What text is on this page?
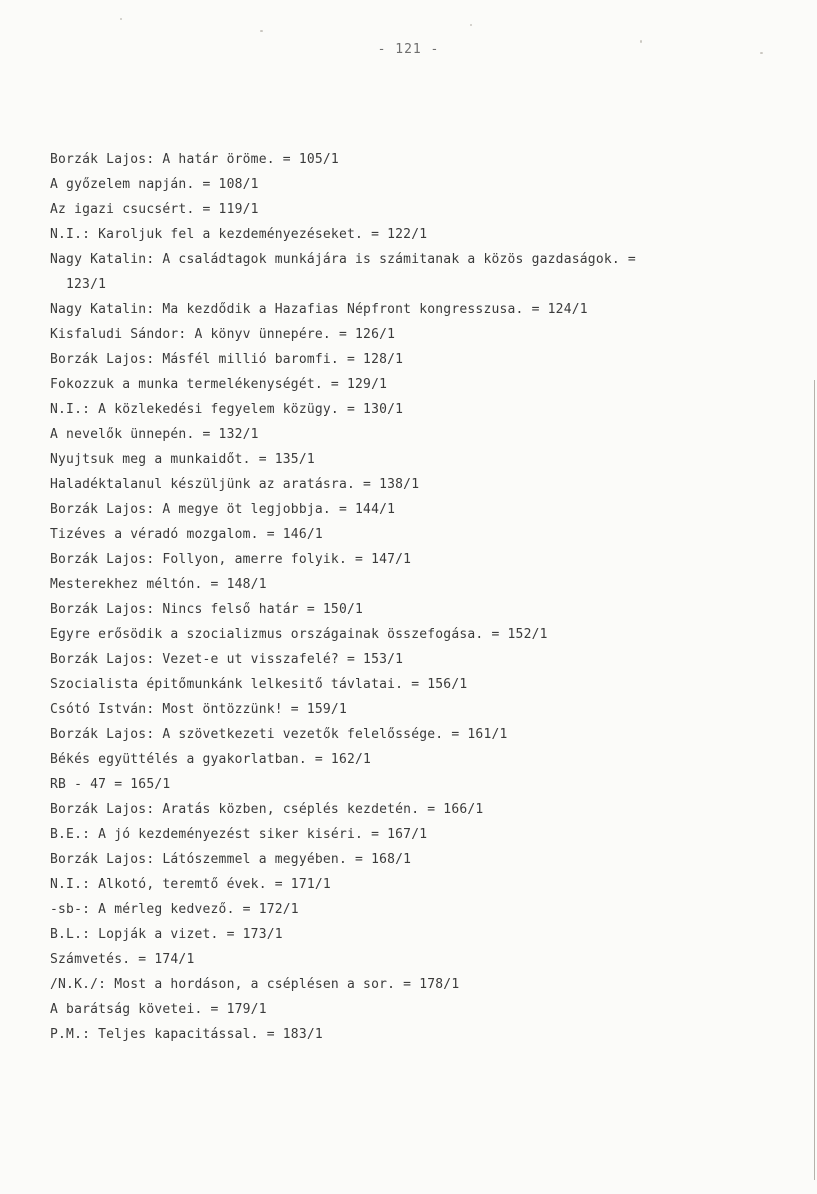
- 121 -
Borzák Lajos: A határ öröme. = 105/1
A győzelem napján. = 108/1
Az igazi csucsért. = 119/1
N.I.: Karoljuk fel a kezdeményezéseket. = 122/1
Nagy Katalin: A családtagok munkájára is számitanak a közös gazdaságok. =
123/1
Nagy Katalin: Ma kezdődik a Hazafias Népfront kongresszusa. = 124/1
Kisfaludi Sándor: A könyv ünnepére. = 126/1
Borzák Lajos: Másfél millió baromfi. = 128/1
Fokozzuk a munka termelékenységét. = 129/1
N.I.: A közlekedési fegyelem közügy. = 130/1
A nevelők ünnepén. = 132/1
Nyujtsuk meg a munkaidőt. = 135/1
Haladéktalanul készüljünk az aratásra. = 138/1
Borzák Lajos: A megye öt legjobbja. = 144/1
Tizéves a véradó mozgalom. = 146/1
Borzák Lajos: Follyon, amerre folyik. = 147/1
Mesterekhez méltón. = 148/1
Borzák Lajos: Nincs felső határ = 150/1
Egyre erősödik a szocializmus országainak összefogása. = 152/1
Borzák Lajos: Vezet-e ut visszafelé? = 153/1
Szocialista épitőmunkánk lelkesitő távlatai. = 156/1
Csótó István: Most öntözzünk! = 159/1
Borzák Lajos: A szövetkezeti vezetők felelőssége. = 161/1
Békés együttélés a gyakorlatban. = 162/1
RB - 47 = 165/1
Borzák Lajos: Aratás közben, cséplés kezdetén. = 166/1
B.E.: A jó kezdeményezést siker kiséri. = 167/1
Borzák Lajos: Látószemmel a megyében. = 168/1
N.I.: Alkotó, teremtő évek. = 171/1
-sb-: A mérleg kedvező. = 172/1
B.L.: Lopják a vizet. = 173/1
Számvetés. = 174/1
/N.K./: Most a hordáson, a cséplésen a sor. = 178/1
A barátság követei. = 179/1
P.M.: Teljes kapacitással. = 183/1
